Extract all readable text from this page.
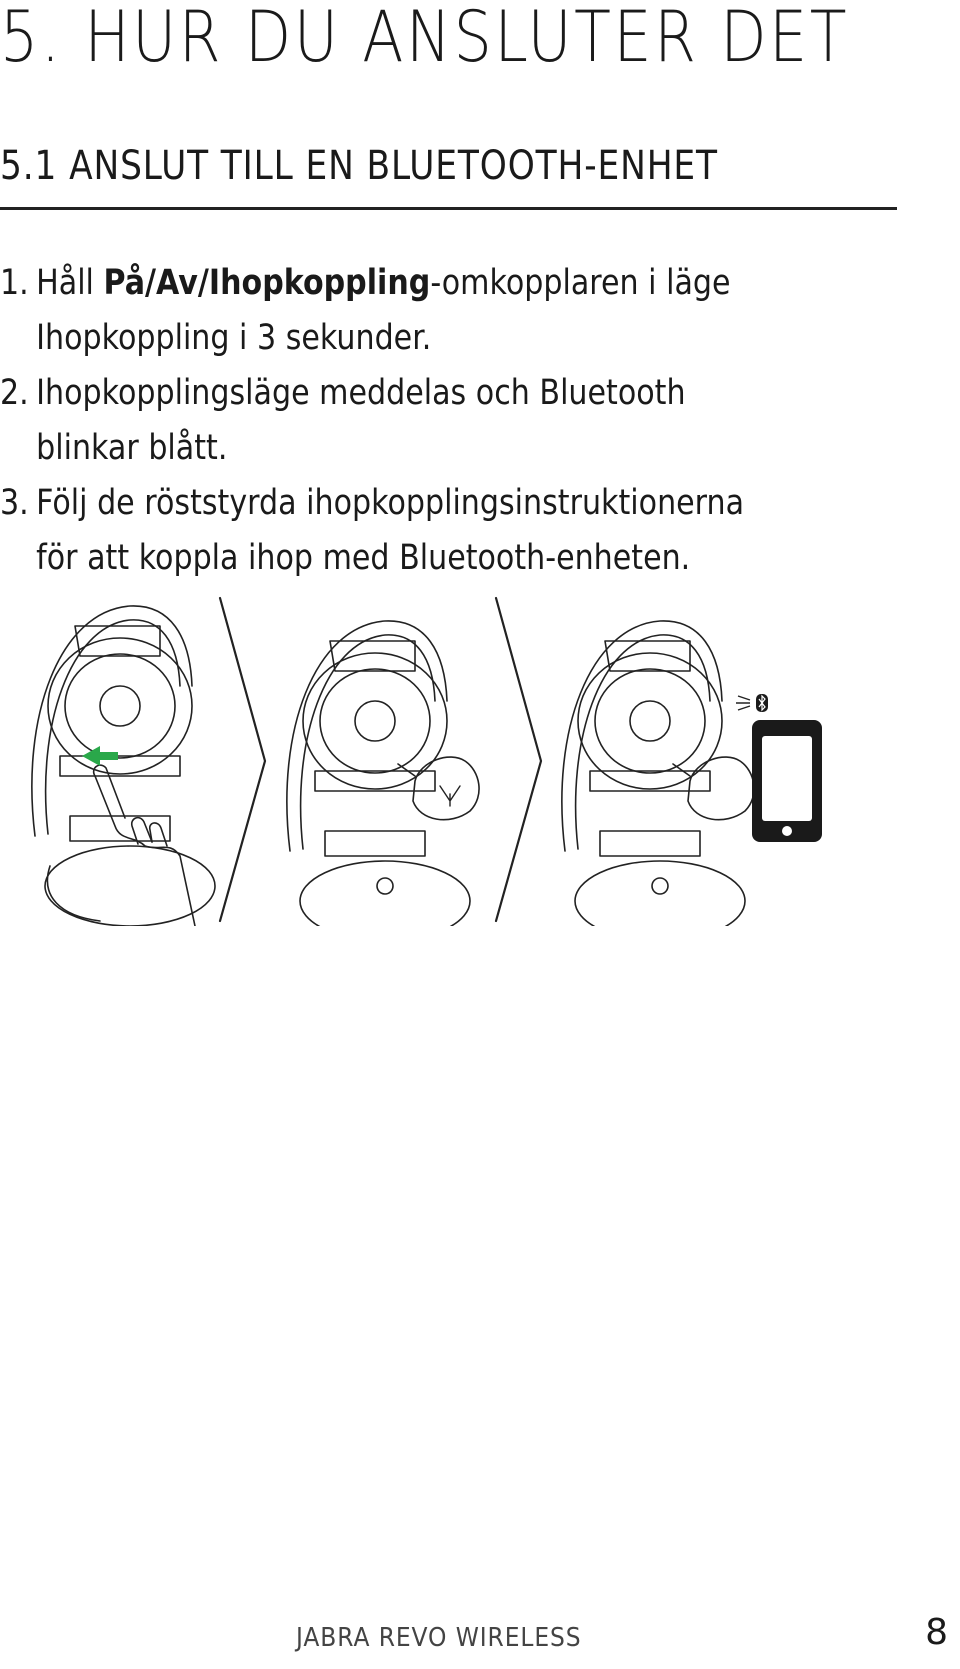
5. HUR DU ANSLUTER DET
5.1 ANSLUT TILL EN BLUETOOTH-ENHET
1. Håll På/Av/Ihopkoppling-omkopplaren i läge
Ihopkoppling i 3 sekunder.
2. Ihopkopplingsläge meddelas och Bluetooth
blinkar blått.
3. Följ de röststyrda ihopkopplingsinstruktionerna
för att koppla ihop med Bluetooth-enheten.
JABRA REVO WIRELESS	8
